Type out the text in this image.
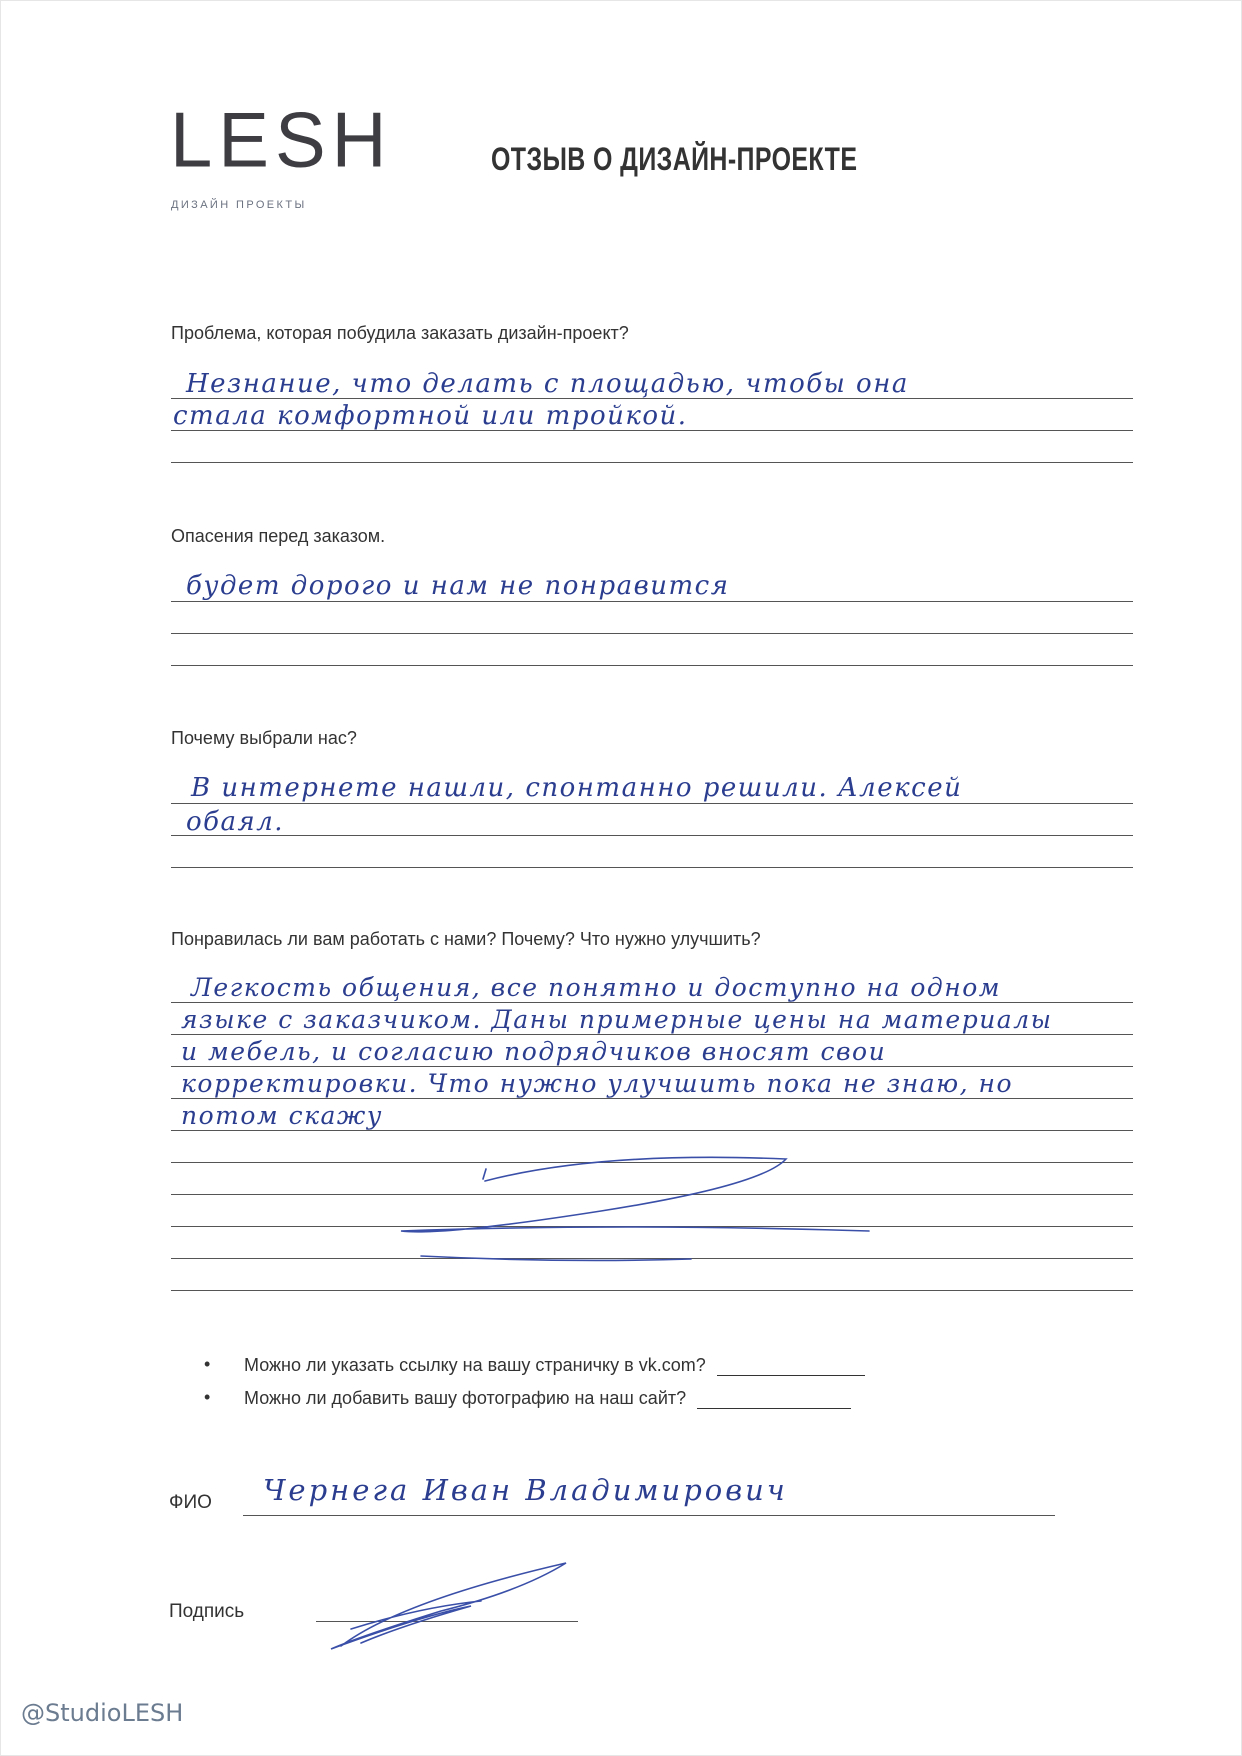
LESH
ДИЗАЙН ПРОЕКТЫ
ОТЗЫВ О ДИЗАЙН-ПРОЕКТЕ
Проблема, которая побудила заказать дизайн-проект?
Незнание, что делать с площадью, чтобы она
стала комфортной или тройкой.
Опасения перед заказом.
будет дорого и нам не понравится
Почему выбрали нас?
В интернете нашли, спонтанно решили. Алексей
обаял.
Понравилась ли вам работать с нами? Почему? Что нужно улучшить?
Легкость общения, все понятно и доступно на одном
языке с заказчиком. Даны примерные цены на материалы
и мебель, и согласию подрядчиков вносят свои
корректировки. Что нужно улучшить пока не знаю, но
потом скажу
• Можно ли указать ссылку на вашу страничку в vk.com?
• Можно ли добавить вашу фотографию на наш сайт?
ФИО Чернега Иван Владимирович
Подпись
@StudioLESH
